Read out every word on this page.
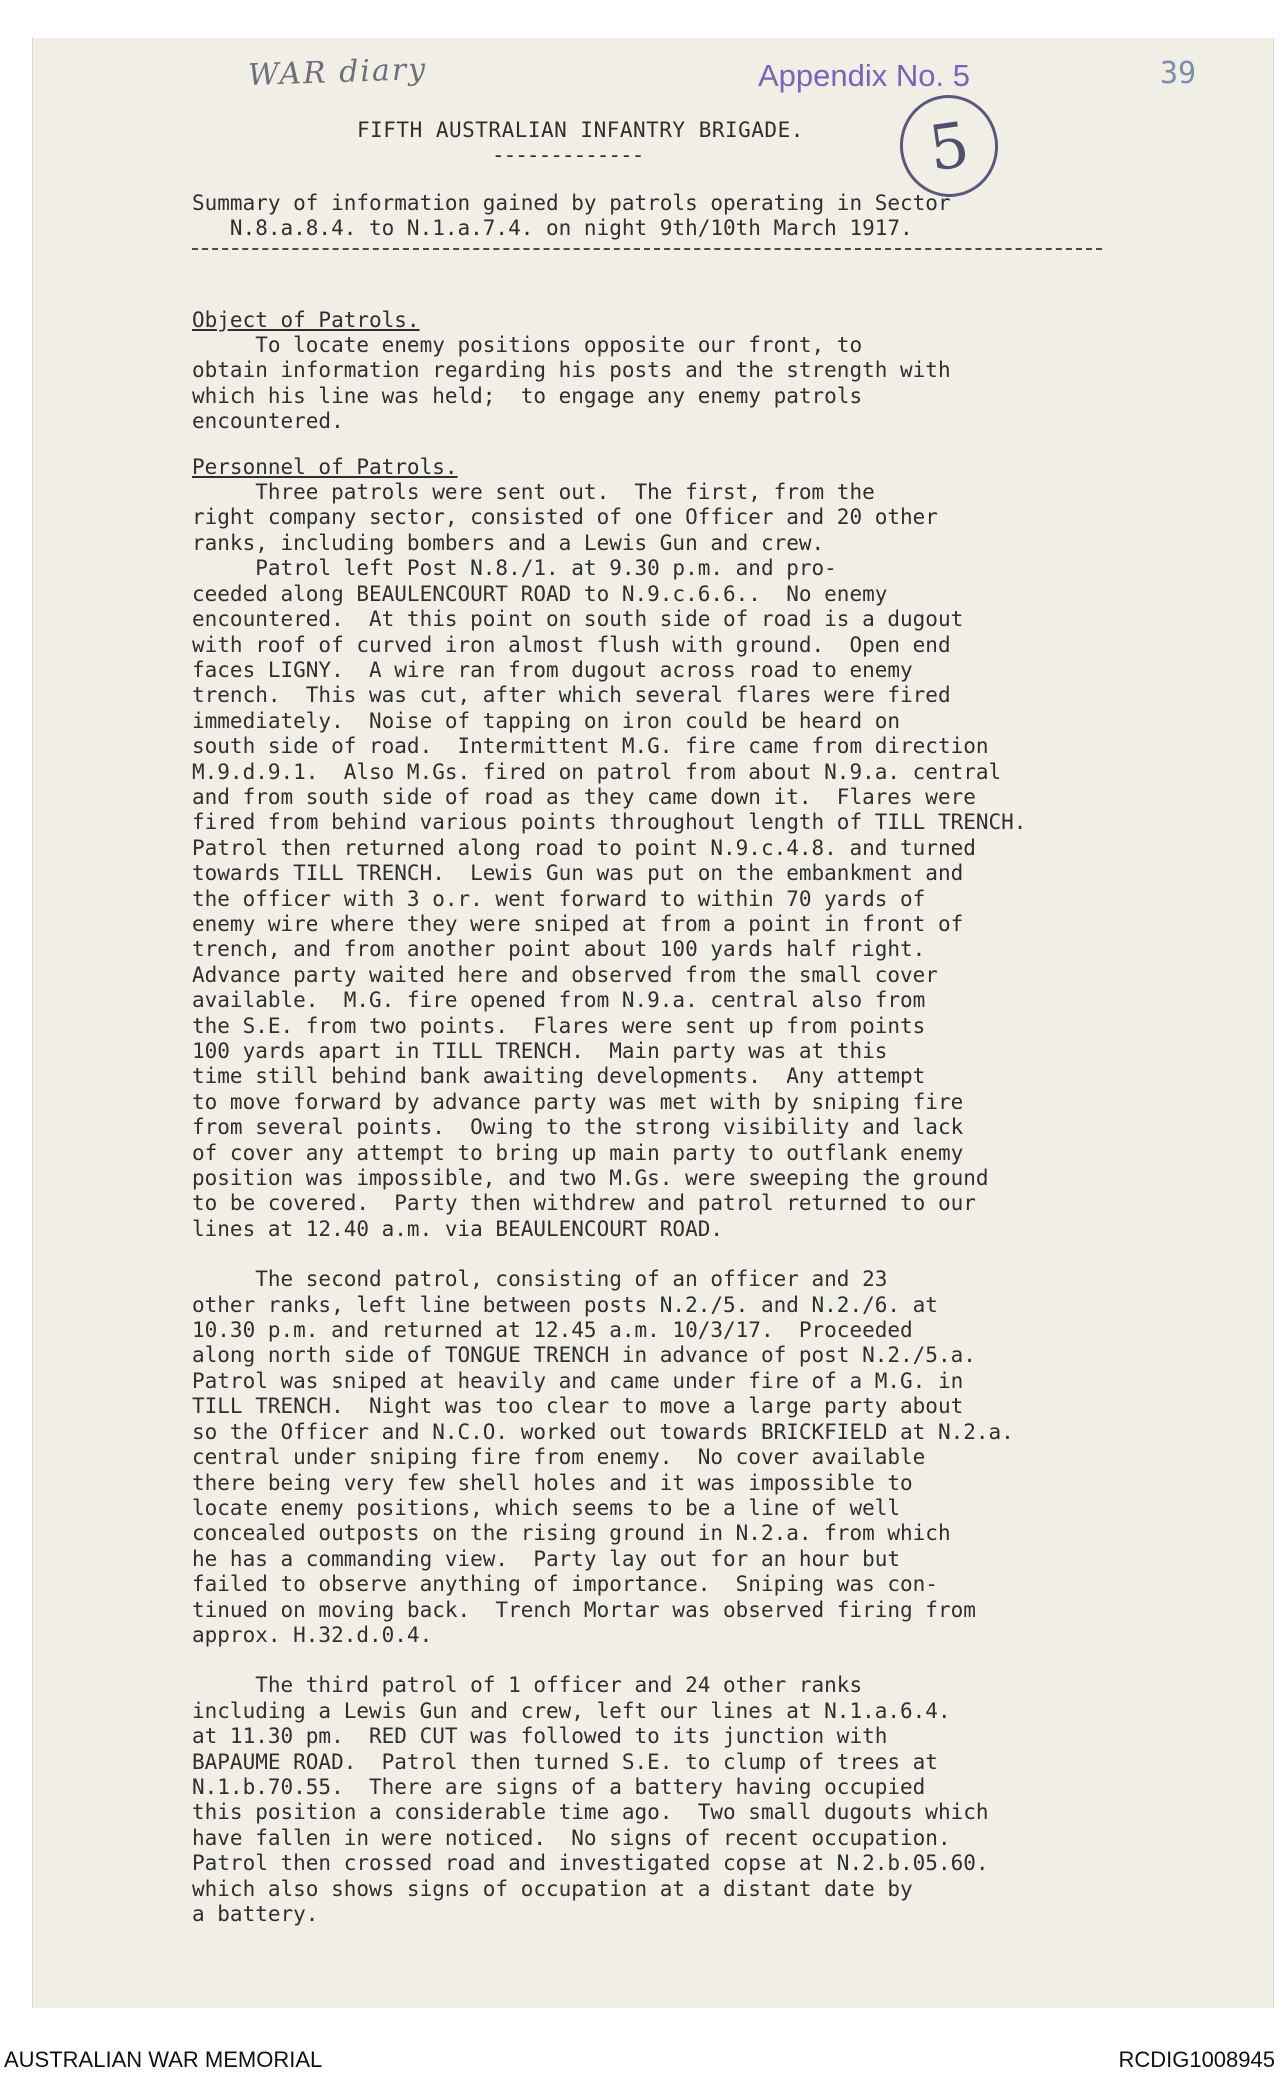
WAR diary	Appendix No. 5	39
5
FIFTH AUSTRALIAN INFANTRY BRIGADE.
-------------
Summary of information gained by patrols operating in Sector
N.8.a.8.4. to N.1.a.7.4. on night 9th/10th March 1917.
Object of Patrols.
To locate enemy positions opposite our front, to
obtain information regarding his posts and the strength with
which his line was held;  to engage any enemy patrols
encountered.
Personnel of Patrols.
Three patrols were sent out.  The first, from the
right company sector, consisted of one Officer and 20 other
ranks, including bombers and a Lewis Gun and crew.
Patrol left Post N.8./1. at 9.30 p.m. and pro-
ceeded along BEAULENCOURT ROAD to N.9.c.6.6..  No enemy
encountered.  At this point on south side of road is a dugout
with roof of curved iron almost flush with ground.  Open end
faces LIGNY.  A wire ran from dugout across road to enemy
trench.  This was cut, after which several flares were fired
immediately.  Noise of tapping on iron could be heard on
south side of road.  Intermittent M.G. fire came from direction
M.9.d.9.1.  Also M.Gs. fired on patrol from about N.9.a. central
and from south side of road as they came down it.  Flares were
fired from behind various points throughout length of TILL TRENCH.
Patrol then returned along road to point N.9.c.4.8. and turned
towards TILL TRENCH.  Lewis Gun was put on the embankment and
the officer with 3 o.r. went forward to within 70 yards of
enemy wire where they were sniped at from a point in front of
trench, and from another point about 100 yards half right.
Advance party waited here and observed from the small cover
available.  M.G. fire opened from N.9.a. central also from
the S.E. from two points.  Flares were sent up from points
100 yards apart in TILL TRENCH.  Main party was at this
time still behind bank awaiting developments.  Any attempt
to move forward by advance party was met with by sniping fire
from several points.  Owing to the strong visibility and lack
of cover any attempt to bring up main party to outflank enemy
position was impossible, and two M.Gs. were sweeping the ground
to be covered.  Party then withdrew and patrol returned to our
lines at 12.40 a.m. via BEAULENCOURT ROAD.
The second patrol, consisting of an officer and 23
other ranks, left line between posts N.2./5. and N.2./6. at
10.30 p.m. and returned at 12.45 a.m. 10/3/17.  Proceeded
along north side of TONGUE TRENCH in advance of post N.2./5.a.
Patrol was sniped at heavily and came under fire of a M.G. in
TILL TRENCH.  Night was too clear to move a large party about
so the Officer and N.C.O. worked out towards BRICKFIELD at N.2.a.
central under sniping fire from enemy.  No cover available
there being very few shell holes and it was impossible to
locate enemy positions, which seems to be a line of well
concealed outposts on the rising ground in N.2.a. from which
he has a commanding view.  Party lay out for an hour but
failed to observe anything of importance.  Sniping was con-
tinued on moving back.  Trench Mortar was observed firing from
approx. H.32.d.0.4.
The third patrol of 1 officer and 24 other ranks
including a Lewis Gun and crew, left our lines at N.1.a.6.4.
at 11.30 pm.  RED CUT was followed to its junction with
BAPAUME ROAD.  Patrol then turned S.E. to clump of trees at
N.1.b.70.55.  There are signs of a battery having occupied
this position a considerable time ago.  Two small dugouts which
have fallen in were noticed.  No signs of recent occupation.
Patrol then crossed road and investigated copse at N.2.b.05.60.
which also shows signs of occupation at a distant date by
a battery.
AUSTRALIAN WAR MEMORIAL	RCDIG1008945
